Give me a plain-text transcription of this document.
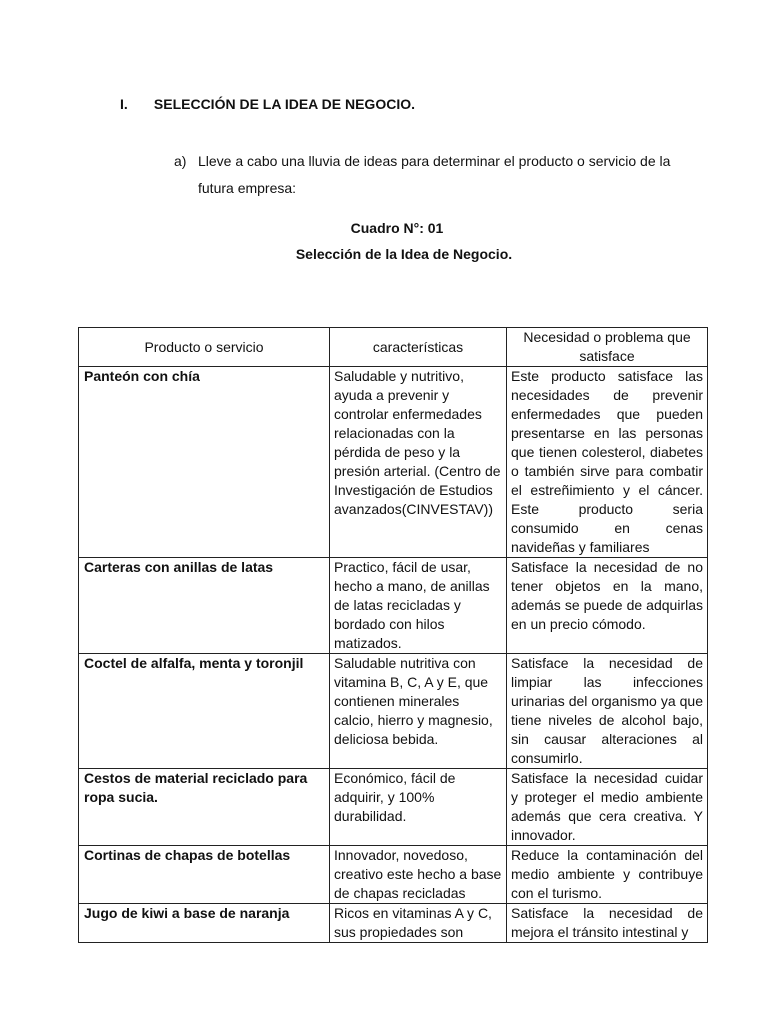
I. SELECCIÓN DE LA IDEA DE NEGOCIO.
a) Lleve a cabo una lluvia de ideas para determinar el producto o servicio de la futura empresa:
Cuadro N°: 01
Selección de la Idea de Negocio.
Producto o servicio	características	Necesidad o problema que satisface
Panteón con chía	Saludable y nutritivo, ayuda a prevenir y controlar enfermedades relacionadas con la pérdida de peso y la presión arterial. (Centro de Investigación de Estudios avanzados(CINVESTAV))	Este producto satisface las necesidades de prevenir enfermedades que pueden presentarse en las personas que tienen colesterol, diabetes o también sirve para combatir el estreñimiento y el cáncer. Este producto seria consumido en cenas navideñas y familiares
Carteras con anillas de latas	Practico, fácil de usar, hecho a mano, de anillas de latas recicladas y bordado con hilos matizados.	Satisface la necesidad de no tener objetos en la mano, además se puede de adquirlas en un precio cómodo.
Coctel de alfalfa, menta y toronjil	Saludable nutritiva con vitamina B, C, A y E, que contienen minerales calcio, hierro y magnesio, deliciosa bebida.	Satisface la necesidad de limpiar las infecciones urinarias del organismo ya que tiene niveles de alcohol bajo, sin causar alteraciones al consumirlo.
Cestos de material reciclado para ropa sucia.	Económico, fácil de adquirir, y 100% durabilidad.	Satisface la necesidad cuidar y proteger el medio ambiente además que cera creativa. Y innovador.
Cortinas de chapas de botellas	Innovador, novedoso, creativo este hecho a base de chapas recicladas	Reduce la contaminación del medio ambiente y contribuye con el turismo.
Jugo de kiwi a base de naranja	Ricos en vitaminas A y C, sus propiedades son	Satisface la necesidad de mejora el tránsito intestinal y
